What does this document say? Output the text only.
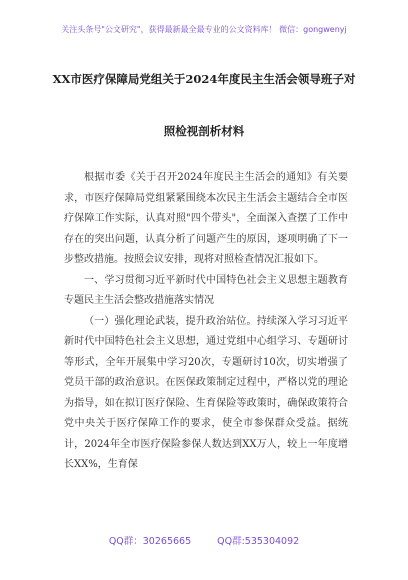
关注头条号"公文研究"，获得最新最全最专业的公文资料库！ 微信：gongwenyj
XX市医疗保障局党组关于2024年度民主生活会领导班子对
照检视剖析材料

根据市委《关于召开2024年度民主生活会的通知》有关要求，市医疗保障局党组紧紧围绕本次民主生活会主题结合全市医疗保障工作实际，认真对照"四个带头"，全面深入查摆了工作中存在的突出问题，认真分析了问题产生的原因，逐项明确了下一步整改措施。按照会议安排，现将对照检查情况汇报如下。

一、学习贯彻习近平新时代中国特色社会主义思想主题教育专题民主生活会整改措施落实情况

（一）强化理论武装，提升政治站位。持续深入学习习近平新时代中国特色社会主义思想，通过党组中心组学习、专题研讨等形式，全年开展集中学习20次，专题研讨10次，切实增强了党员干部的政治意识。在医保政策制定过程中，严格以党的理论为指导，如在拟订医疗保险、生育保险等政策时，确保政策符合党中央关于医疗保障工作的要求，使全市参保群众受益。据统计，2024年全市医疗保险参保人数达到XX万人，较上一年度增长XX%，生育保

QQ群：30265665	QQ群:535304092
